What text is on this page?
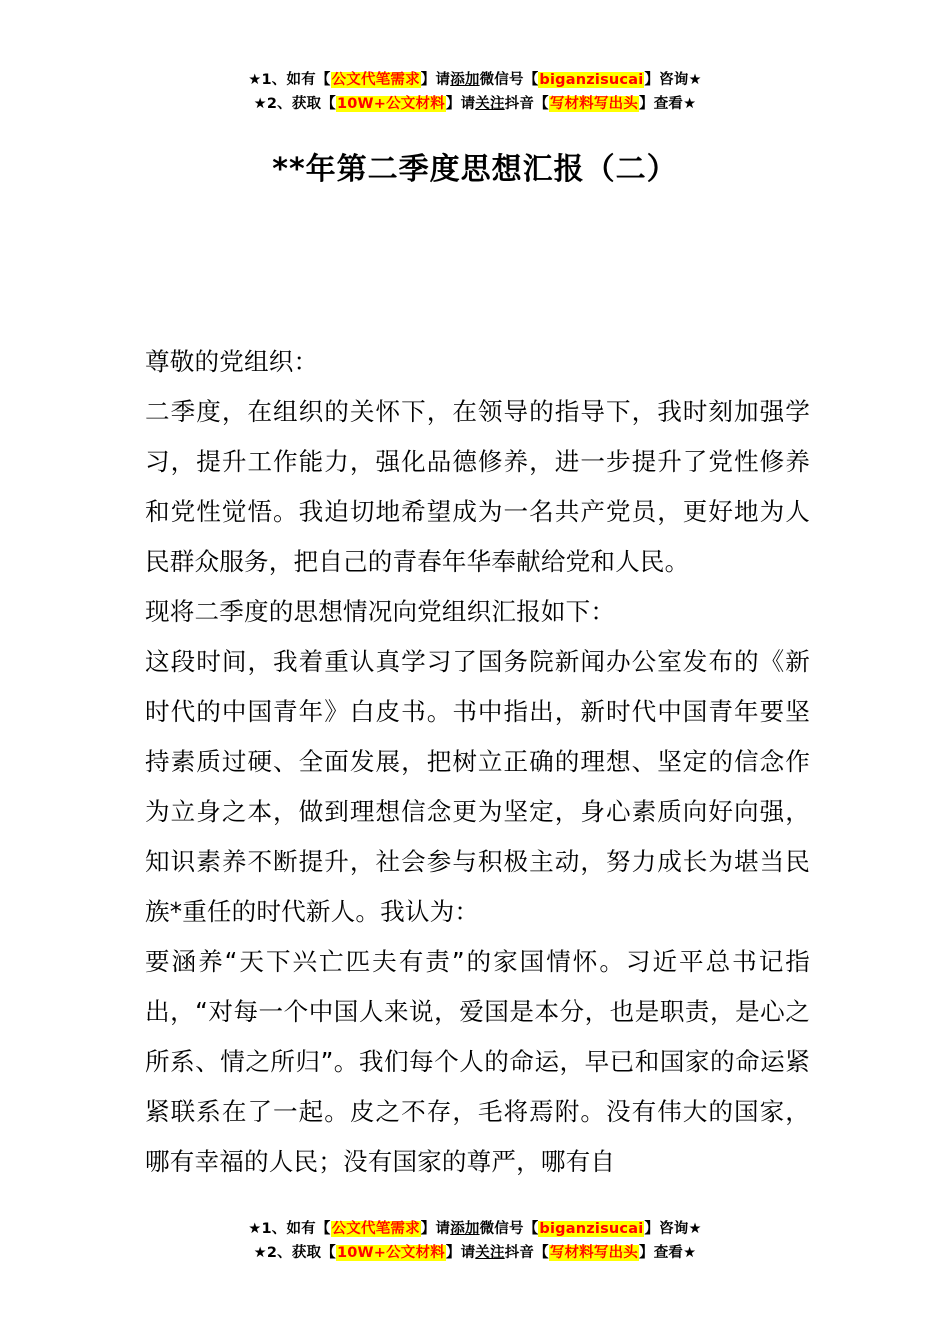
★1、如有【公文代笔需求】请添加微信号【biganzisucai】咨询★
★2、获取【10W+公文材料】请关注抖音【写材料写出头】查看★
**年第二季度思想汇报（二）

尊敬的党组织：

二季度，在组织的关怀下，在领导的指导下，我时刻加强学习，提升工作能力，强化品德修养，进一步提升了党性修养和党性觉悟。我迫切地希望成为一名共产党员，更好地为人民群众服务，把自己的青春年华奉献给党和人民。

现将二季度的思想情况向党组织汇报如下：

这段时间，我着重认真学习了国务院新闻办公室发布的《新时代的中国青年》白皮书。书中指出，新时代中国青年要坚持素质过硬、全面发展，把树立正确的理想、坚定的信念作为立身之本，做到理想信念更为坚定，身心素质向好向强，知识素养不断提升，社会参与积极主动，努力成长为堪当民族*重任的时代新人。我认为：

要涵养“天下兴亡匹夫有责”的家国情怀。习近平总书记指出，“对每一个中国人来说，爱国是本分，也是职责，是心之所系、情之所归”。我们每个人的命运，早已和国家的命运紧紧联系在了一起。皮之不存，毛将焉附。没有伟大的国家，哪有幸福的人民；没有国家的尊严，哪有自

★1、如有【公文代笔需求】请添加微信号【biganzisucai】咨询★
★2、获取【10W+公文材料】请关注抖音【写材料写出头】查看★
